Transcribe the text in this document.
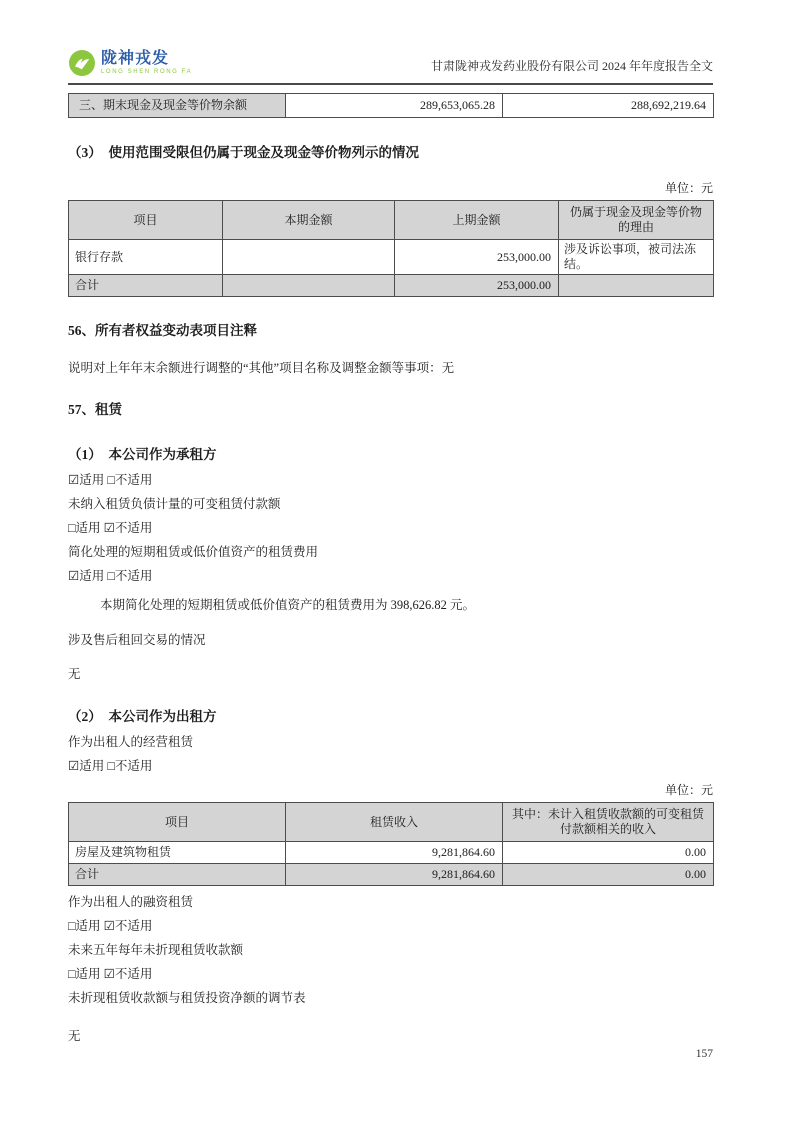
陇神戎发
LONG SHEN RONG FA	甘肃陇神戎发药业股份有限公司 2024 年年度报告全文
三、期末现金及现金等价物余额	289,653,065.28	288,692,219.64
（3）　使用范围受限但仍属于现金及现金等价物列示的情况
单位：元
项目	本期金额	上期金额	仍属于现金及现金等价物的理由
银行存款		253,000.00	涉及诉讼事项，被司法冻结。
合计		253,000.00	
56、所有者权益变动表项目注释

说明对上年年末余额进行调整的“其他”项目名称及调整金额等事项：无

57、租赁
（1）　本公司作为承租方

☑适用 □不适用

未纳入租赁负债计量的可变租赁付款额

□适用 ☑不适用

简化处理的短期租赁或低价值资产的租赁费用

☑适用 □不适用

本期简化处理的短期租赁或低价值资产的租赁费用为 398,626.82 元。

涉及售后租回交易的情况

无

（2）　本公司作为出租方

作为出租人的经营租赁

☑适用 □不适用

单位：元
项目	租赁收入	其中：未计入租赁收款额的可变租赁付款额相关的收入
房屋及建筑物租赁	9,281,864.60	0.00
合计	9,281,864.60	0.00

作为出租人的融资租赁

□适用 ☑不适用

未来五年每年未折现租赁收款额

□适用 ☑不适用

未折现租赁收款额与租赁投资净额的调节表

无

157
